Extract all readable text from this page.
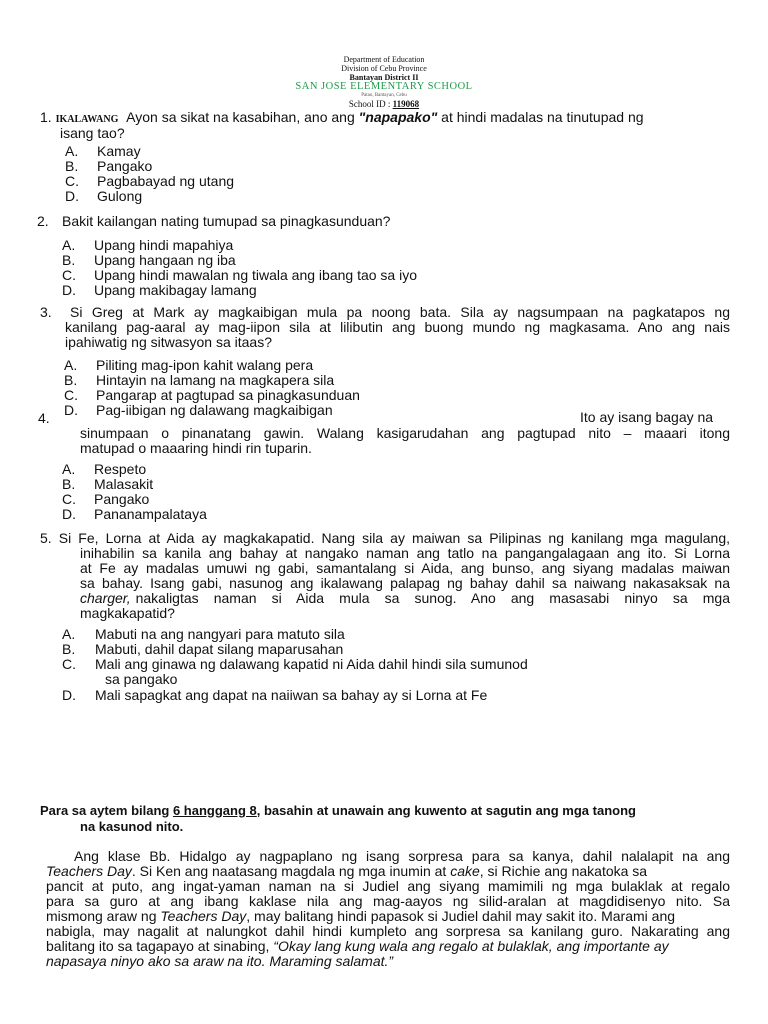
Department of Education
Division of Cebu Province
Bantayan District II
SAN JOSE ELEMENTARY SCHOOL
Patao, Bantayan, Cebu
School ID : 119068
1. IKALAWANG Ayon sa sikat na kasabihan, ano ang "napapako" at hindi madalas na tinutupad ng
isang tao?
A. Kamay
B. Pangako
C. Pagbabayad ng utang
D. Gulong
2. Bakit kailangan nating tumupad sa pinagkasunduan?
A. Upang hindi mapahiya
B. Upang hangaan ng iba
C. Upang hindi mawalan ng tiwala ang ibang tao sa iyo
D. Upang makibagay lamang
3. Si Greg at Mark ay magkaibigan mula pa noong bata. Sila ay nagsumpaan na pagkatapos ng
kanilang pag-aaral ay mag-iipon sila at lilibutin ang buong mundo ng magkasama. Ano ang nais
ipahiwatig ng sitwasyon sa itaas?
A. Piliting mag-ipon kahit walang pera
B. Hintayin na lamang na magkapera sila
C. Pangarap at pagtupad sa pinagkasunduan
D. Pag-iibigan ng dalawang magkaibigan
4.	Ito ay isang bagay na
sinumpaan o pinanatang gawin. Walang kasigarudahan ang pagtupad nito – maaari itong
matupad o maaaring hindi rin tuparin.
A. Respeto
B. Malasakit
C. Pangako
D. Pananampalataya
5. Si Fe, Lorna at Aida ay magkakapatid. Nang sila ay maiwan sa Pilipinas ng kanilang mga magulang,
inihabilin sa kanila ang bahay at nangako naman ang tatlo na pangangalagaan ang ito. Si Lorna
at Fe ay madalas umuwi ng gabi, samantalang si Aida, ang bunso, ang siyang madalas maiwan
sa bahay. Isang gabi, nasunog ang ikalawang palapag ng bahay dahil sa naiwang nakasaksak na
charger, nakaligtas naman si Aida mula sa sunog. Ano ang masasabi ninyo sa mga
magkakapatid?
A. Mabuti na ang nangyari para matuto sila
B. Mabuti, dahil dapat silang maparusahan
C. Mali ang ginawa ng dalawang kapatid ni Aida dahil hindi sila sumunod
sa pangako
D. Mali sapagkat ang dapat na naiiwan sa bahay ay si Lorna at Fe
Para sa aytem bilang 6 hanggang 8, basahin at unawain ang kuwento at sagutin ang mga tanong
na kasunod nito.
Ang klase Bb. Hidalgo ay nagpaplano ng isang sorpresa para sa kanya, dahil nalalapit na ang
Teachers Day. Si Ken ang naatasang magdala ng mga inumin at cake, si Richie ang nakatoka sa
pancit at puto, ang ingat-yaman naman na si Judiel ang siyang mamimili ng mga bulaklak at regalo
para sa guro at ang ibang kaklase nila ang mag-aayos ng silid-aralan at magdidisenyo nito. Sa
mismong araw ng Teachers Day, may balitang hindi papasok si Judiel dahil may sakit ito. Marami ang
nabigla, may nagalit at nalungkot dahil hindi kumpleto ang sorpresa sa kanilang guro. Nakarating ang
balitang ito sa tagapayo at sinabing, “Okay lang kung wala ang regalo at bulaklak, ang importante ay
napasaya ninyo ako sa araw na ito. Maraming salamat.”
